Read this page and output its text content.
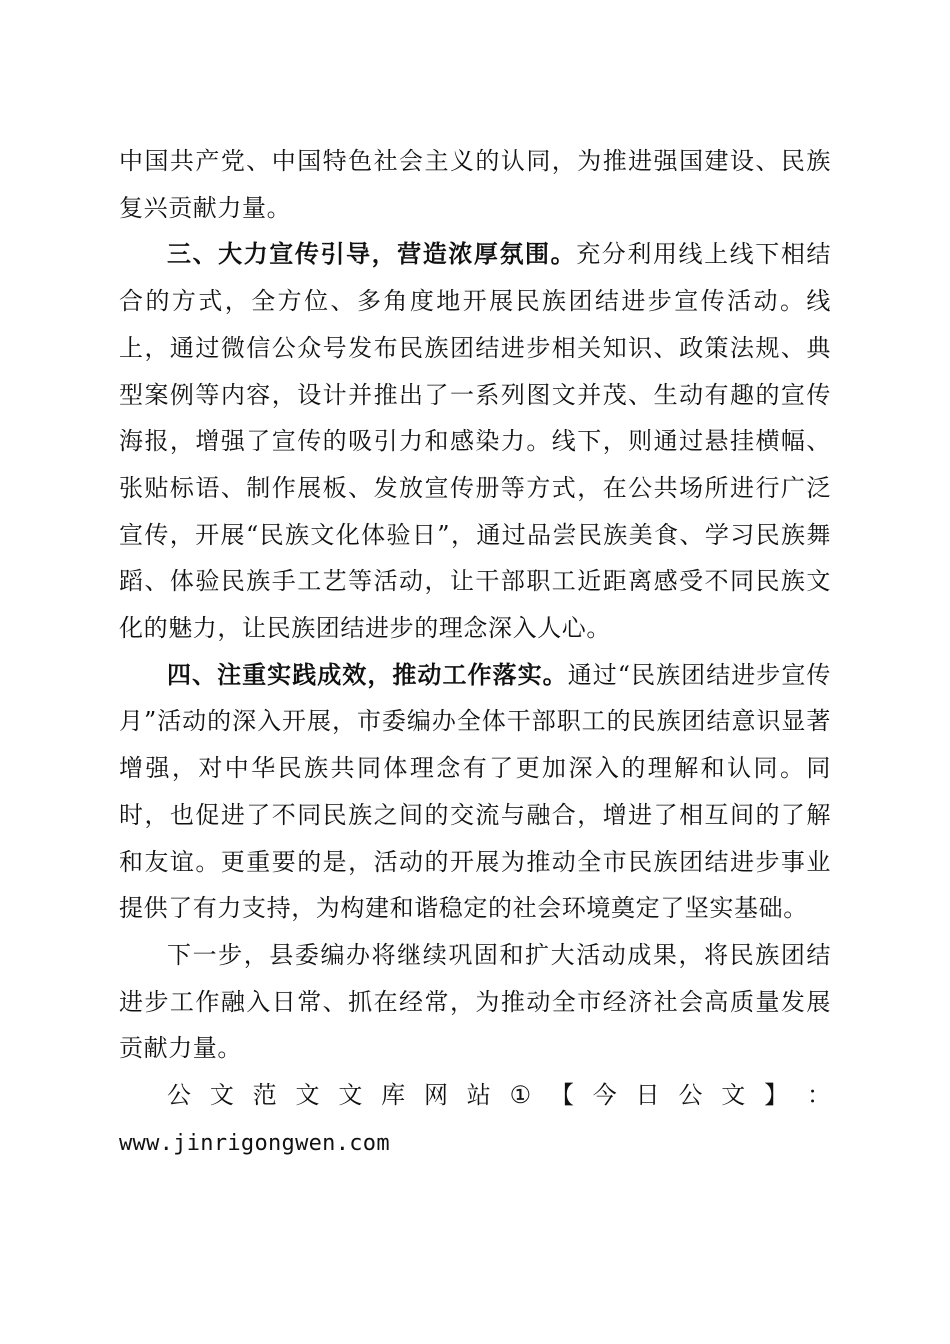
中国共产党、中国特色社会主义的认同，为推进强国建设、民族复兴贡献力量。

三、大力宣传引导，营造浓厚氛围。充分利用线上线下相结合的方式，全方位、多角度地开展民族团结进步宣传活动。线上，通过微信公众号发布民族团结进步相关知识、政策法规、典型案例等内容，设计并推出了一系列图文并茂、生动有趣的宣传海报，增强了宣传的吸引力和感染力。线下，则通过悬挂横幅、张贴标语、制作展板、发放宣传册等方式，在公共场所进行广泛宣传，开展“民族文化体验日”，通过品尝民族美食、学习民族舞蹈、体验民族手工艺等活动，让干部职工近距离感受不同民族文化的魅力，让民族团结进步的理念深入人心。

四、注重实践成效，推动工作落实。通过“民族团结进步宣传月”活动的深入开展，市委编办全体干部职工的民族团结意识显著增强，对中华民族共同体理念有了更加深入的理解和认同。同时，也促进了不同民族之间的交流与融合，增进了相互间的了解和友谊。更重要的是，活动的开展为推动全市民族团结进步事业提供了有力支持，为构建和谐稳定的社会环境奠定了坚实基础。

下一步，县委编办将继续巩固和扩大活动成果，将民族团结进步工作融入日常、抓在经常，为推动全市经济社会高质量发展贡献力量。

公 文 范 文 文 库 网 站 ① 【 今 日 公 文 】 ：

www.jinrigongwen.com
